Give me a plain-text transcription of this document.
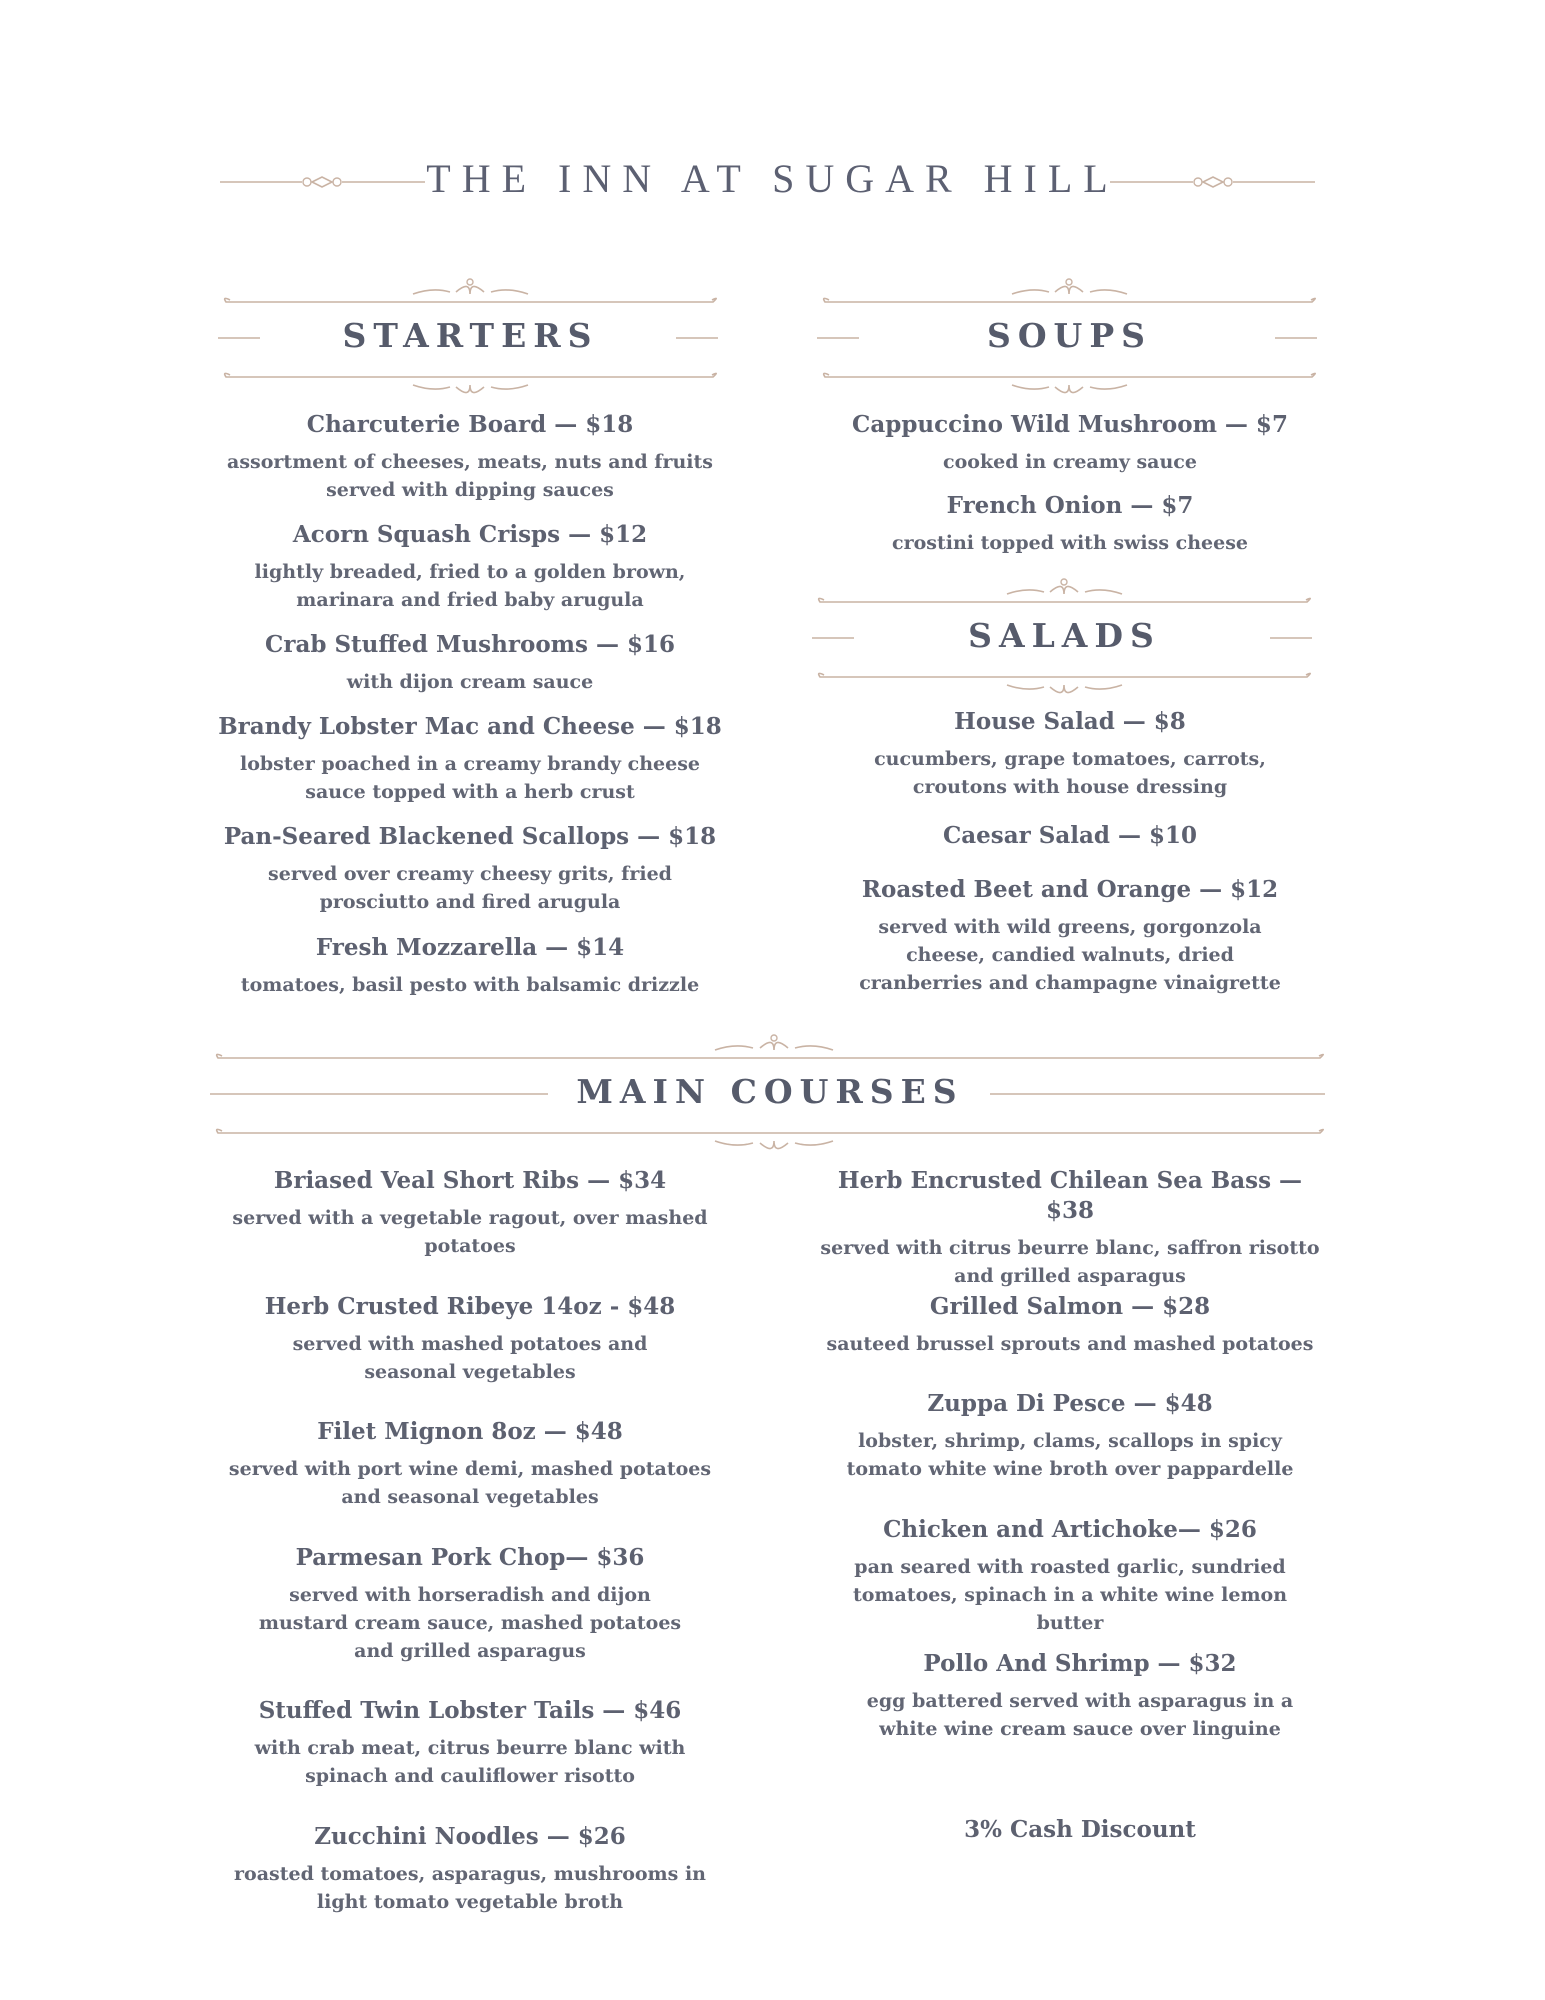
THE INN AT SUGAR HILL
STARTERS	SOUPS
SALADS
MAIN COURSES
Charcuterie Board — $18
assortment of cheeses, meats, nuts and fruits served with dipping sauces
Acorn Squash Crisps — $12
lightly breaded, fried to a golden brown, marinara and fried baby arugula
Crab Stuffed Mushrooms — $16
with dijon cream sauce
Brandy Lobster Mac and Cheese — $18
lobster poached in a creamy brandy cheese sauce topped with a herb crust
Pan-Seared Blackened Scallops — $18
served over creamy cheesy grits, fried prosciutto and fired arugula
Fresh Mozzarella — $14
tomatoes, basil pesto with balsamic drizzle
Cappuccino Wild Mushroom — $7
cooked in creamy sauce
French Onion — $7
crostini topped with swiss cheese
House Salad — $8
cucumbers, grape tomatoes, carrots, croutons with house dressing
Caesar Salad — $10
Roasted Beet and Orange — $12
served with wild greens, gorgonzola cheese, candied walnuts, dried cranberries and champagne vinaigrette
Briased Veal Short Ribs — $34
served with a vegetable ragout, over mashed potatoes
Herb Crusted Ribeye 14oz - $48
served with mashed potatoes and seasonal vegetables
Filet Mignon 8oz — $48
served with port wine demi, mashed potatoes and seasonal vegetables
Parmesan Pork Chop— $36
served with horseradish and dijon mustard cream sauce, mashed potatoes and grilled asparagus
Stuffed Twin Lobster Tails — $46
with crab meat, citrus beurre blanc with spinach and cauliflower risotto
Zucchini Noodles — $26
roasted tomatoes, asparagus, mushrooms in light tomato vegetable broth
Herb Encrusted Chilean Sea Bass — $38
served with citrus beurre blanc, saffron risotto and grilled asparagus
Grilled Salmon — $28
sauteed brussel sprouts and mashed potatoes
Zuppa Di Pesce — $48
lobster, shrimp, clams, scallops in spicy tomato white wine broth over pappardelle
Chicken and Artichoke— $26
pan seared with roasted garlic, sundried tomatoes, spinach in a white wine lemon butter
Pollo And Shrimp — $32
egg battered served with asparagus in a white wine cream sauce over linguine
3% Cash Discount
